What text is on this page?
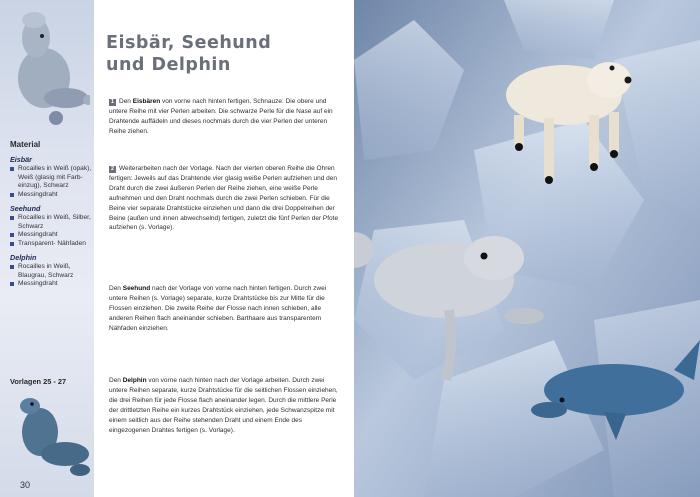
Material
Eisbär
Rocailles in Weiß (opak), Weiß (glasig mit Farb- einzug), Schwarz
Messingdraht
Seehund
Rocailles in Weiß, Silber, Schwarz
Messingdraht
Transparent- Nähfaden
Delphin
Rocailles in Weiß, Blaugrau, Schwarz
Messingdraht
Vorlagen 25 - 27
30
Eisbär, Seehund
und Delphin
1 Den Eisbären von vorne nach hinten fertigen. Schnauze: Die obere und untere Reihe mit vier Perlen arbeiten. Die schwarze Perle für die Nase auf ein Drahtende auffädeln und dieses nochmals durch die vier Perlen der unteren Reihe ziehen.
2 Weiterarbeiten nach der Vorlage. Nach der vierten oberen Reihe die Ohren fertigen: Jeweils auf das Drahtende vier glasig weiße Perlen aufziehen und den Draht durch die zwei äußeren Perlen der Reihe ziehen, eine weiße Perle aufnehmen und den Draht nochmals durch die zwei Perlen schieben. Für die Beine vier separate Drahtstücke einziehen und dann die drei Doppelreihen der Beine (außen und innen abwechselnd) fertigen, zuletzt die fünf Perlen der Pfote aufziehen (s. Vorlage).
Den Seehund nach der Vorlage von vorne nach hinten fertigen. Durch zwei untere Reihen (s. Vorlage) separate, kurze Drahtstücke bis zur Mitte für die Flossen einziehen. Die zweite Reihe der Flosse nach innen schieben, alle anderen Reihen flach aneinander schieben. Barthaare aus transparentem Nähfaden einziehen.
Den Delphin von vorne nach hinten nach der Vorlage arbeiten. Durch zwei untere Reihen separate, kurze Drahtstücke für die seitlichen Flossen einziehen, die drei Reihen für jede Flosse flach aneinander legen. Durch die mittlere Perle der drittletzten Reihe ein kurzes Drahtstück einziehen, jede Schwanzspitze mit einem seitlich aus der Reihe stehenden Draht und einem Ende des eingezogenen Drahtes fertigen (s. Vorlage).
